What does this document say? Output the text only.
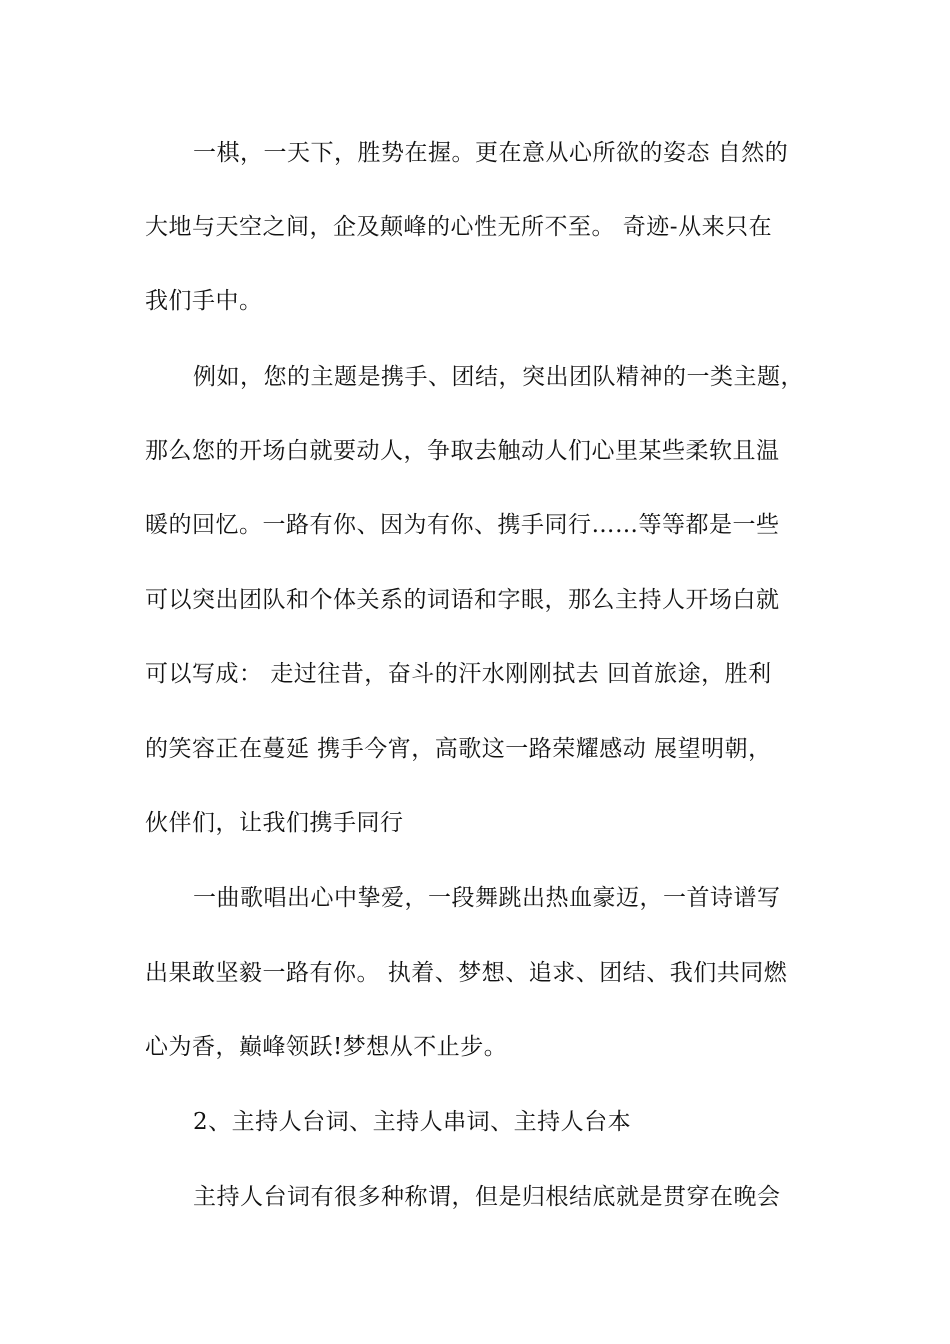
一棋，一天下，胜势在握。更在意从心所欲的姿态 自然的
大地与天空之间，企及颠峰的心性无所不至。 奇迹-从来只在
我们手中。
例如，您的主题是携手、团结，突出团队精神的一类主题，
那么您的开场白就要动人，争取去触动人们心里某些柔软且温
暖的回忆。一路有你、因为有你、携手同行……等等都是一些
可以突出团队和个体关系的词语和字眼，那么主持人开场白就
可以写成： 走过往昔，奋斗的汗水刚刚拭去 回首旅途，胜利
的笑容正在蔓延 携手今宵，高歌这一路荣耀感动 展望明朝，
伙伴们，让我们携手同行
一曲歌唱出心中挚爱，一段舞跳出热血豪迈，一首诗谱写
出果敢坚毅一路有你。 执着、梦想、追求、团结、我们共同燃
心为香，巅峰领跃!梦想从不止步。
2、主持人台词、主持人串词、主持人台本
主持人台词有很多种称谓，但是归根结底就是贯穿在晚会
